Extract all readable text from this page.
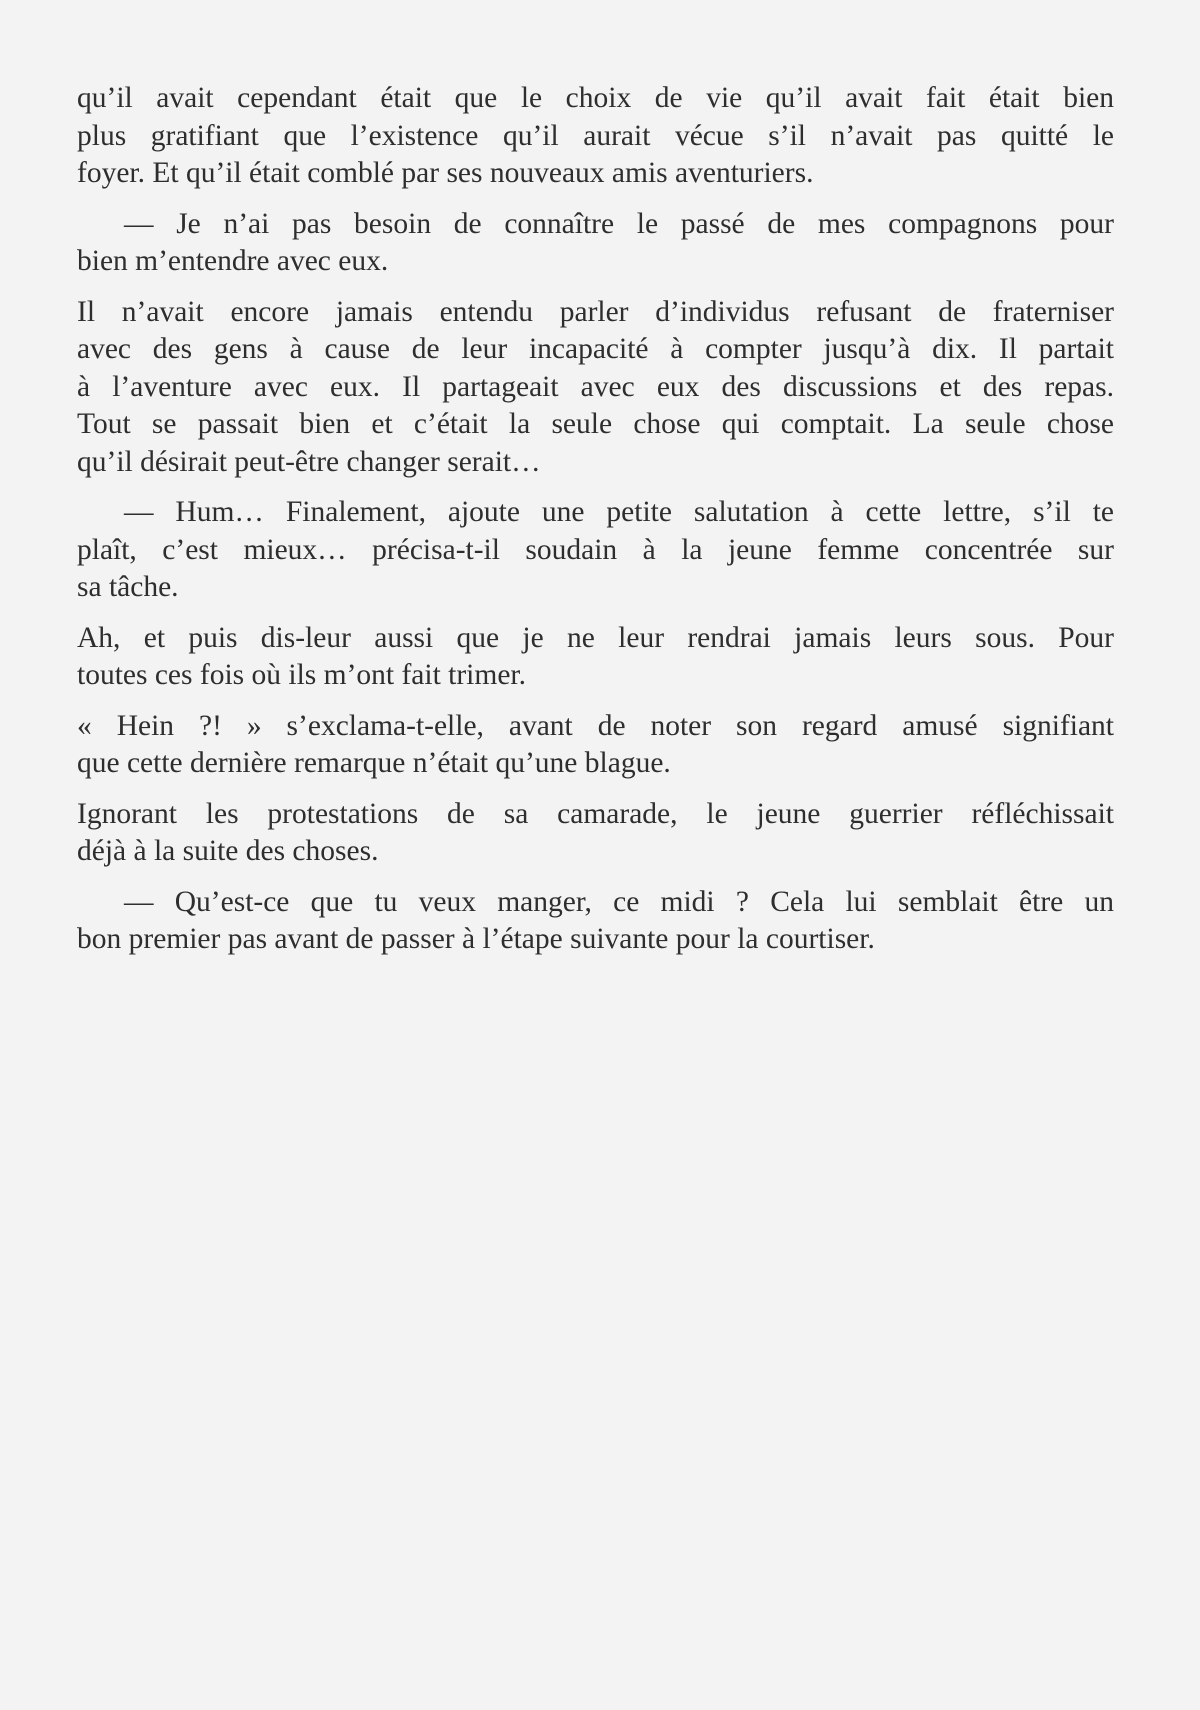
qu’il avait cependant était que le choix de vie qu’il avait fait était bien
plus gratifiant que l’existence qu’il aurait vécue s’il n’avait pas quitté le
foyer. Et qu’il était comblé par ses nouveaux amis aventuriers.
— Je n’ai pas besoin de connaître le passé de mes compagnons pour
bien m’entendre avec eux.
Il n’avait encore jamais entendu parler d’individus refusant de fraterniser
avec des gens à cause de leur incapacité à compter jusqu’à dix. Il partait
à l’aventure avec eux. Il partageait avec eux des discussions et des repas.
Tout se passait bien et c’était la seule chose qui comptait. La seule chose
qu’il désirait peut-être changer serait…
— Hum… Finalement, ajoute une petite salutation à cette lettre, s’il te
plaît, c’est mieux… précisa-t-il soudain à la jeune femme concentrée sur
sa tâche.
Ah, et puis dis-leur aussi que je ne leur rendrai jamais leurs sous. Pour
toutes ces fois où ils m’ont fait trimer.
« Hein ?! » s’exclama-t-elle, avant de noter son regard amusé signifiant
que cette dernière remarque n’était qu’une blague.
Ignorant les protestations de sa camarade, le jeune guerrier réfléchissait
déjà à la suite des choses.
— Qu’est-ce que tu veux manger, ce midi ? Cela lui semblait être un
bon premier pas avant de passer à l’étape suivante pour la courtiser.
